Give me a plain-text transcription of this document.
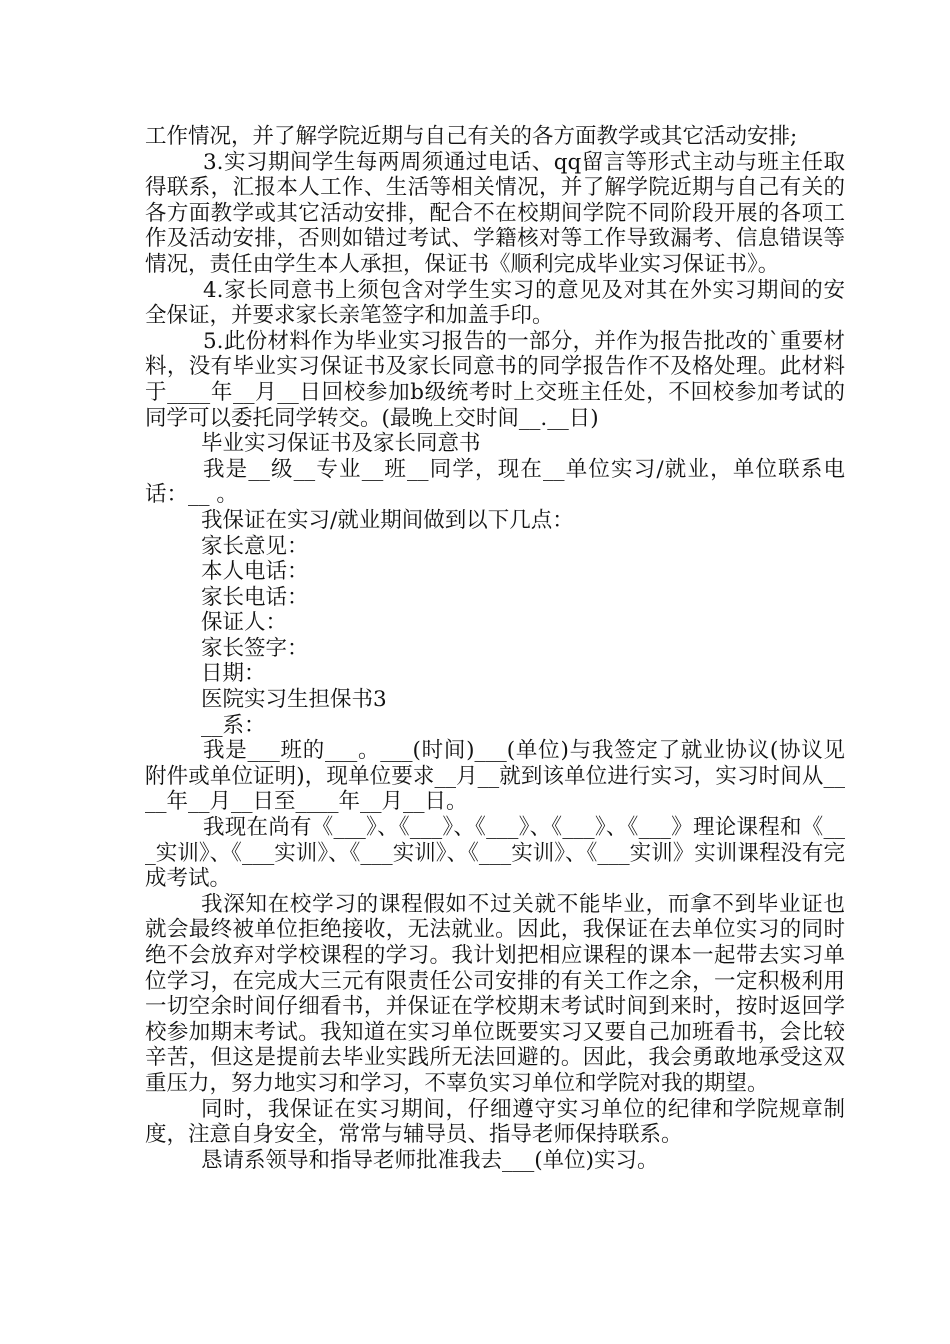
工作情况，并了解学院近期与自己有关的各方面教学或其它活动安排;

3.实习期间学生每两周须通过电话、qq留言等形式主动与班主任取得联系，汇报本人工作、生活等相关情况，并了解学院近期与自己有关的各方面教学或其它活动安排，配合不在校期间学院不同阶段开展的各项工作及活动安排，否则如错过考试、学籍核对等工作导致漏考、信息错误等情况，责任由学生本人承担，保证书《顺利完成毕业实习保证书》。

4.家长同意书上须包含对学生实习的意见及对其在外实习期间的安全保证，并要求家长亲笔签字和加盖手印。

5.此份材料作为毕业实习报告的一部分，并作为报告批改的`重要材料，没有毕业实习保证书及家长同意书的同学报告作不及格处理。此材料于____年__月__日回校参加b级统考时上交班主任处，不回校参加考试的同学可以委托同学转交。(最晚上交时间__.__日)

毕业实习保证书及家长同意书

我是__级__专业__班__同学，现在__单位实习/就业，单位联系电话：__ 。

我保证在实习/就业期间做到以下几点：
家长意见：
本人电话：
家长电话：
保证人：
家长签字：
日期：
医院实习生担保书3
__系：

我是___班的___。___(时间)___(单位)与我签定了就业协议(协议见附件或单位证明)，现单位要求__月__就到该单位进行实习，实习时间从____年__月__日至____年__月__日。

我现在尚有《___》、《___》、《___》、《___》、《___》理论课程和《___实训》、《___实训》、《___实训》、《___实训》、《___实训》实训课程没有完成考试。

我深知在校学习的课程假如不过关就不能毕业，而拿不到毕业证也就会最终被单位拒绝接收，无法就业。因此，我保证在去单位实习的同时绝不会放弃对学校课程的学习。我计划把相应课程的课本一起带去实习单位学习，在完成大三元有限责任公司安排的有关工作之余，一定积极利用一切空余时间仔细看书，并保证在学校期末考试时间到来时，按时返回学校参加期末考试。我知道在实习单位既要实习又要自己加班看书，会比较辛苦，但这是提前去毕业实践所无法回避的。因此，我会勇敢地承受这双重压力，努力地实习和学习，不辜负实习单位和学院对我的期望。

同时，我保证在实习期间，仔细遵守实习单位的纪律和学院规章制度，注意自身安全，常常与辅导员、指导老师保持联系。

恳请系领导和指导老师批准我去___(单位)实习。
